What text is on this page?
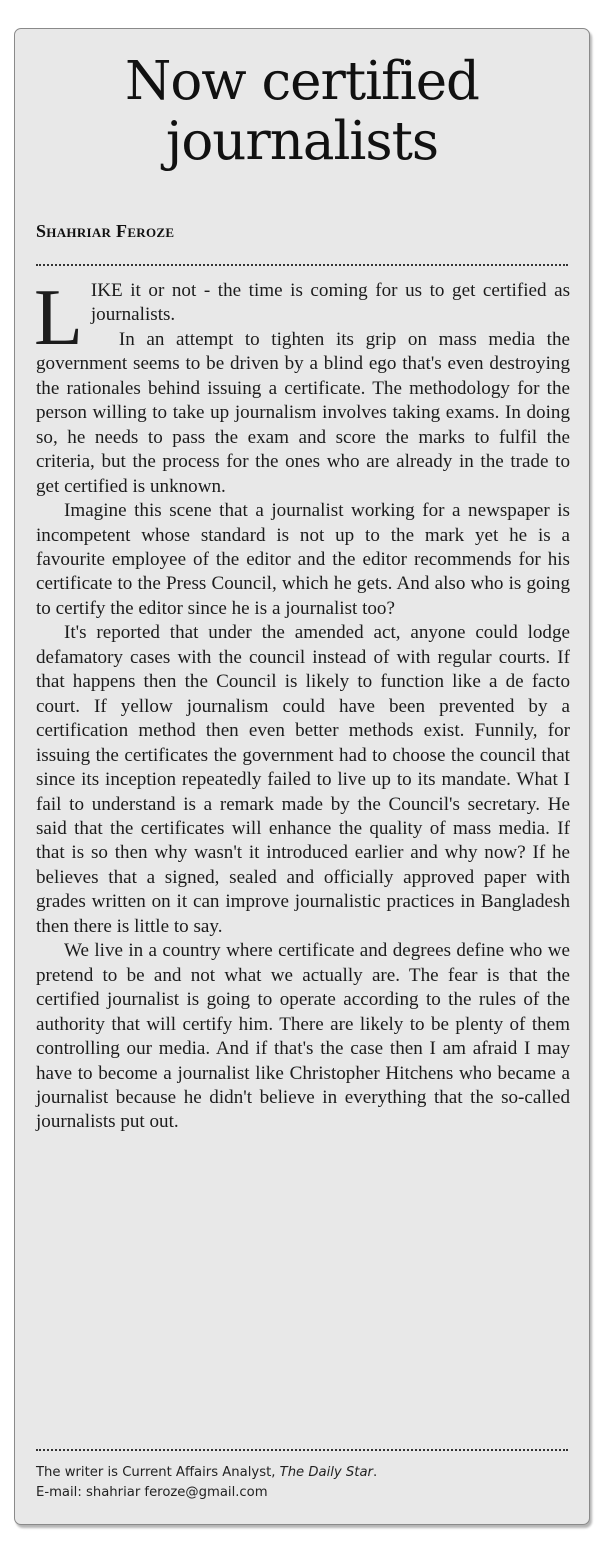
Now certified journalists
Shahriar Feroze

LIKE it or not - the time is coming for us to get certified as journalists.
In an attempt to tighten its grip on mass media the government seems to be driven by a blind ego that's even destroying the rationales behind issuing a certificate. The methodology for the person willing to take up journalism involves taking exams. In doing so, he needs to pass the exam and score the marks to fulfil the criteria, but the process for the ones who are already in the trade to get certified is unknown.

Imagine this scene that a journalist working for a newspaper is incompetent whose standard is not up to the mark yet he is a favourite employee of the editor and the editor recommends for his certificate to the Press Council, which he gets. And also who is going to certify the editor since he is a journalist too?

It's reported that under the amended act, anyone could lodge defamatory cases with the council instead of with regular courts. If that happens then the Council is likely to function like a de facto court. If yellow journalism could have been prevented by a certification method then even better methods exist. Funnily, for issuing the certificates the government had to choose the council that since its inception repeatedly failed to live up to its mandate. What I fail to understand is a remark made by the Council's secretary. He said that the certificates will enhance the quality of mass media. If that is so then why wasn't it introduced earlier and why now? If he believes that a signed, sealed and officially approved paper with grades written on it can improve journalistic practices in Bangladesh then there is little to say.

We live in a country where certificate and degrees define who we pretend to be and not what we actually are. The fear is that the certified journalist is going to operate according to the rules of the authority that will certify him. There are likely to be plenty of them controlling our media. And if that's the case then I am afraid I may have to become a journalist like Christopher Hitchens who became a journalist because he didn't believe in everything that the so-called journalists put out.

The writer is Current Affairs Analyst, The Daily Star.
E-mail: shahriar feroze@gmail.com
